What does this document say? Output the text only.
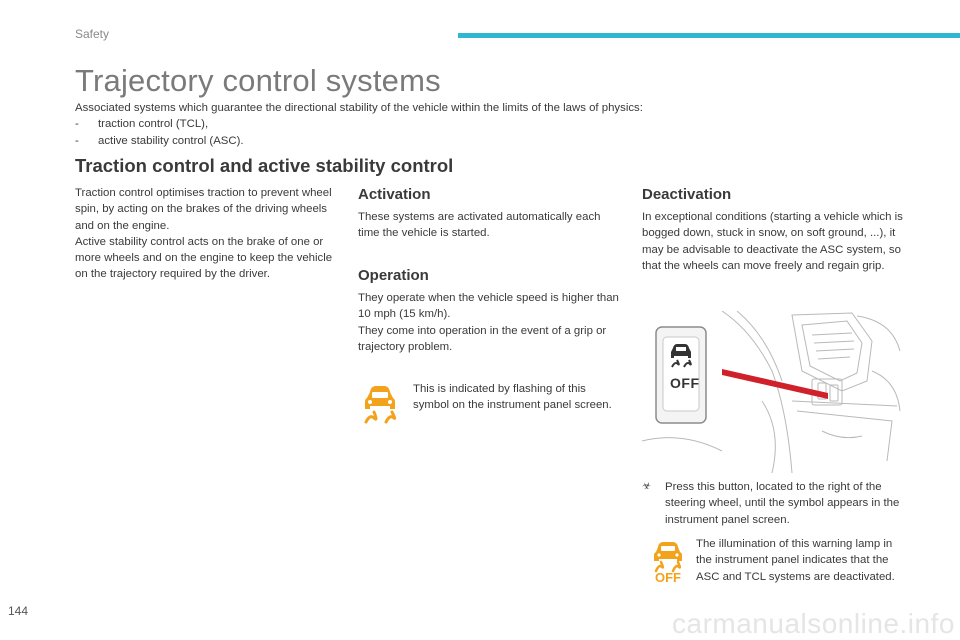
Safety
Trajectory control systems
Associated systems which guarantee the directional stability of the vehicle within the limits of the laws of physics:
-	traction control (TCL),
-	active stability control (ASC).
Traction control and active stability control
Traction control optimises traction to prevent wheel spin, by acting on the brakes of the driving wheels and on the engine.
Active stability control acts on the brake of one or more wheels and on the engine to keep the vehicle on the trajectory required by the driver.
Activation
These systems are activated automatically each time the vehicle is started.
Operation
They operate when the vehicle speed is higher than 10 mph (15 km/h).
They come into operation in the event of a grip or trajectory problem.
This is indicated by flashing of this symbol on the instrument panel screen.
Deactivation
In exceptional conditions (starting a vehicle which is bogged down, stuck in snow, on soft ground, ...), it may be advisable to deactivate the ASC system, so that the wheels can move freely and regain grip.
OFF
☣	Press this button, located to the right of the steering wheel, until the symbol appears in the instrument panel screen.
OFF
The illumination of this warning lamp in the instrument panel indicates that the ASC and TCL systems are deactivated.
144	carmanualsonline.info
